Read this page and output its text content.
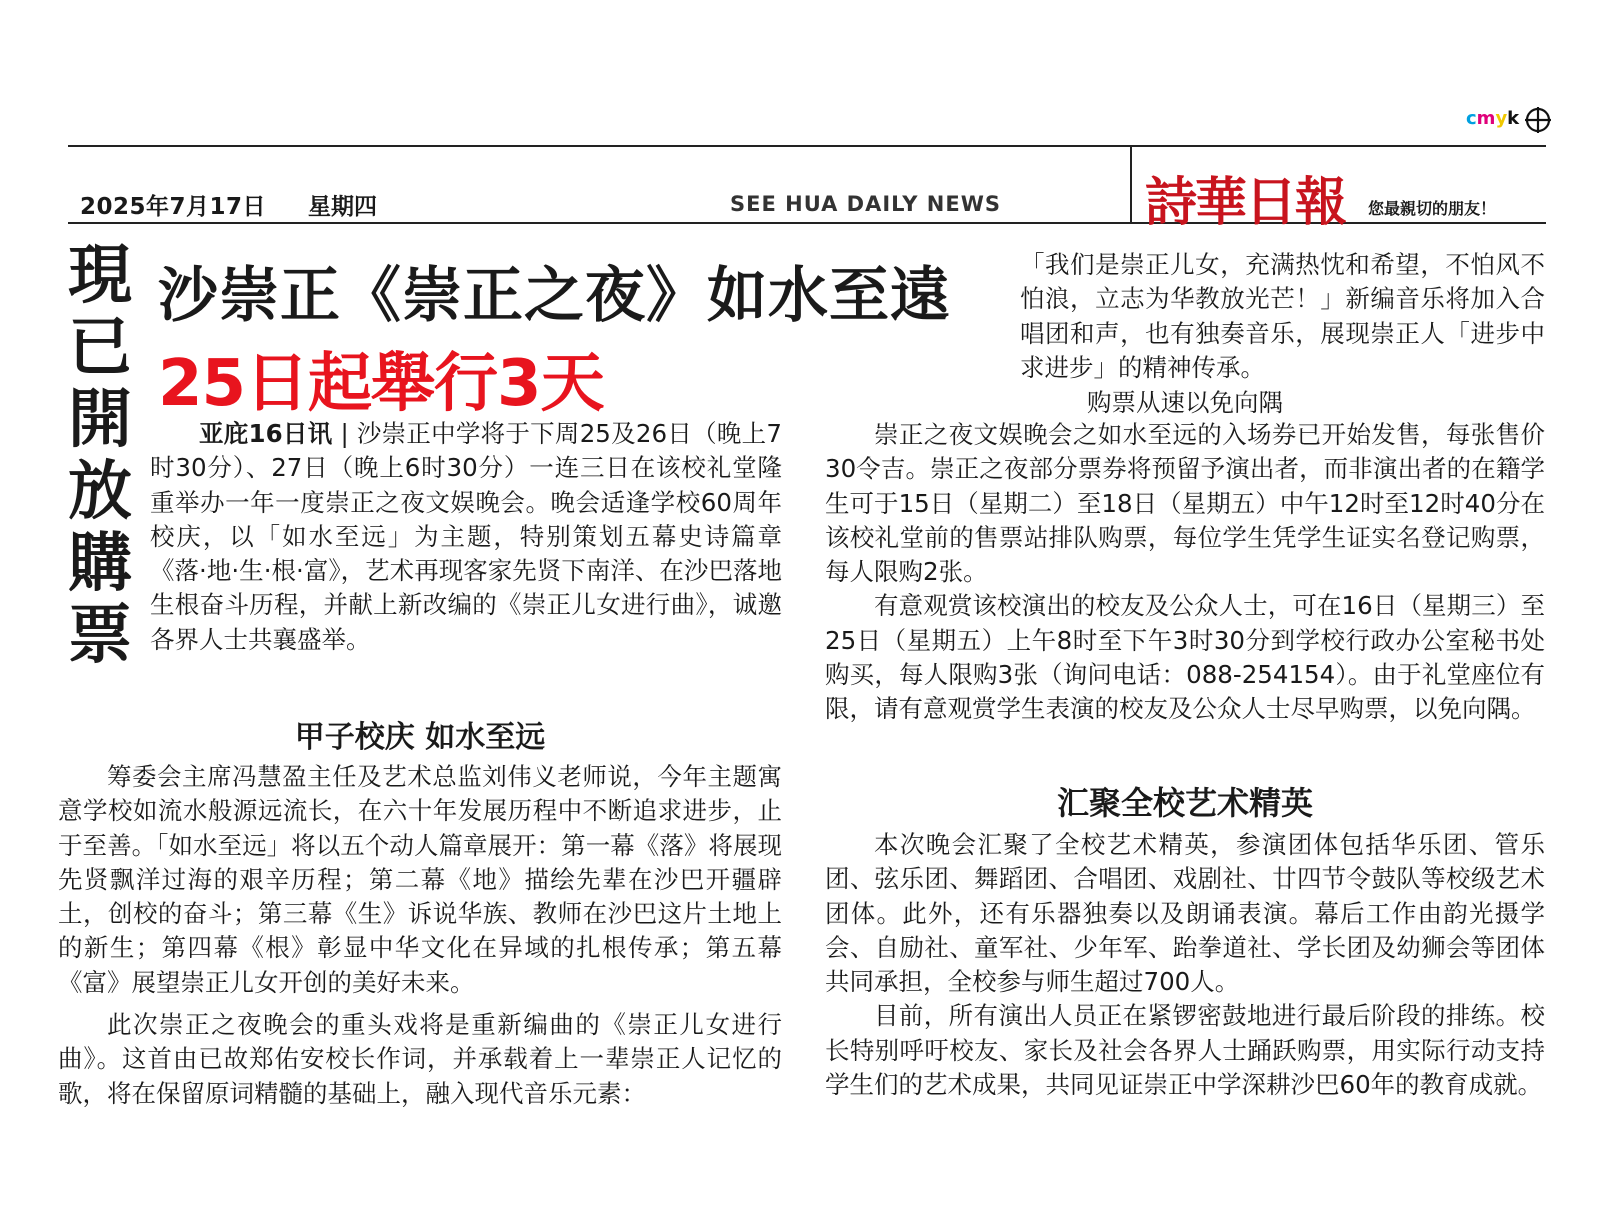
cmyk
2025年7月17日 星期四	SEE HUA DAILY NEWS	詩華日報 您最親切的朋友！
現
已
開
放
購
票
沙崇正《崇正之夜》如水至遠
25日起舉行3天

亚庇16日讯 | 沙崇正中学将于下周25及26日（晚上7时30分）、27日（晚上6时30分）一连三日在该校礼堂隆重举办一年一度崇正之夜文娱晚会。晚会适逢学校60周年校庆，以「如水至远」为主题，特别策划五幕史诗篇章《落·地·生·根·富》，艺术再现客家先贤下南洋、在沙巴落地生根奋斗历程，并献上新改编的《崇正儿女进行曲》，诚邀各界人士共襄盛举。

甲子校庆 如水至远

筹委会主席冯慧盈主任及艺术总监刘伟义老师说，今年主题寓意学校如流水般源远流长，在六十年发展历程中不断追求进步，止于至善。「如水至远」将以五个动人篇章展开：第一幕《落》将展现先贤飘洋过海的艰辛历程；第二幕《地》描绘先辈在沙巴开疆辟土，创校的奋斗；第三幕《生》诉说华族、教师在沙巴这片土地上的新生；第四幕《根》彰显中华文化在异域的扎根传承；第五幕《富》展望崇正儿女开创的美好未来。

此次崇正之夜晚会的重头戏将是重新编曲的《崇正儿女进行曲》。这首由已故郑佑安校长作词，并承载着上一辈崇正人记忆的歌，将在保留原词精髓的基础上，融入现代音乐元素：

「我们是崇正儿女，充满热忱和希望，不怕风不怕浪，立志为华教放光芒！」新编音乐将加入合唱团和声，也有独奏音乐，展现崇正人「进步中求进步」的精神传承。
购票从速以免向隅

崇正之夜文娱晚会之如水至远的入场券已开始发售，每张售价30令吉。崇正之夜部分票券将预留予演出者，而非演出者的在籍学生可于15日（星期二）至18日（星期五）中午12时至12时40分在该校礼堂前的售票站排队购票，每位学生凭学生证实名登记购票，每人限购2张。

有意观赏该校演出的校友及公众人士，可在16日（星期三）至25日（星期五）上午8时至下午3时30分到学校行政办公室秘书处购买，每人限购3张（询问电话：088-254154）。由于礼堂座位有限，请有意观赏学生表演的校友及公众人士尽早购票，以免向隅。

汇聚全校艺术精英

本次晚会汇聚了全校艺术精英，参演团体包括华乐团、管乐团、弦乐团、舞蹈团、合唱团、戏剧社、廿四节令鼓队等校级艺术团体。此外，还有乐器独奏以及朗诵表演。幕后工作由韵光摄学会、自励社、童军社、少年军、跆拳道社、学长团及幼狮会等团体共同承担，全校参与师生超过700人。

目前，所有演出人员正在紧锣密鼓地进行最后阶段的排练。校长特别呼吁校友、家长及社会各界人士踊跃购票，用实际行动支持学生们的艺术成果，共同见证崇正中学深耕沙巴60年的教育成就。
